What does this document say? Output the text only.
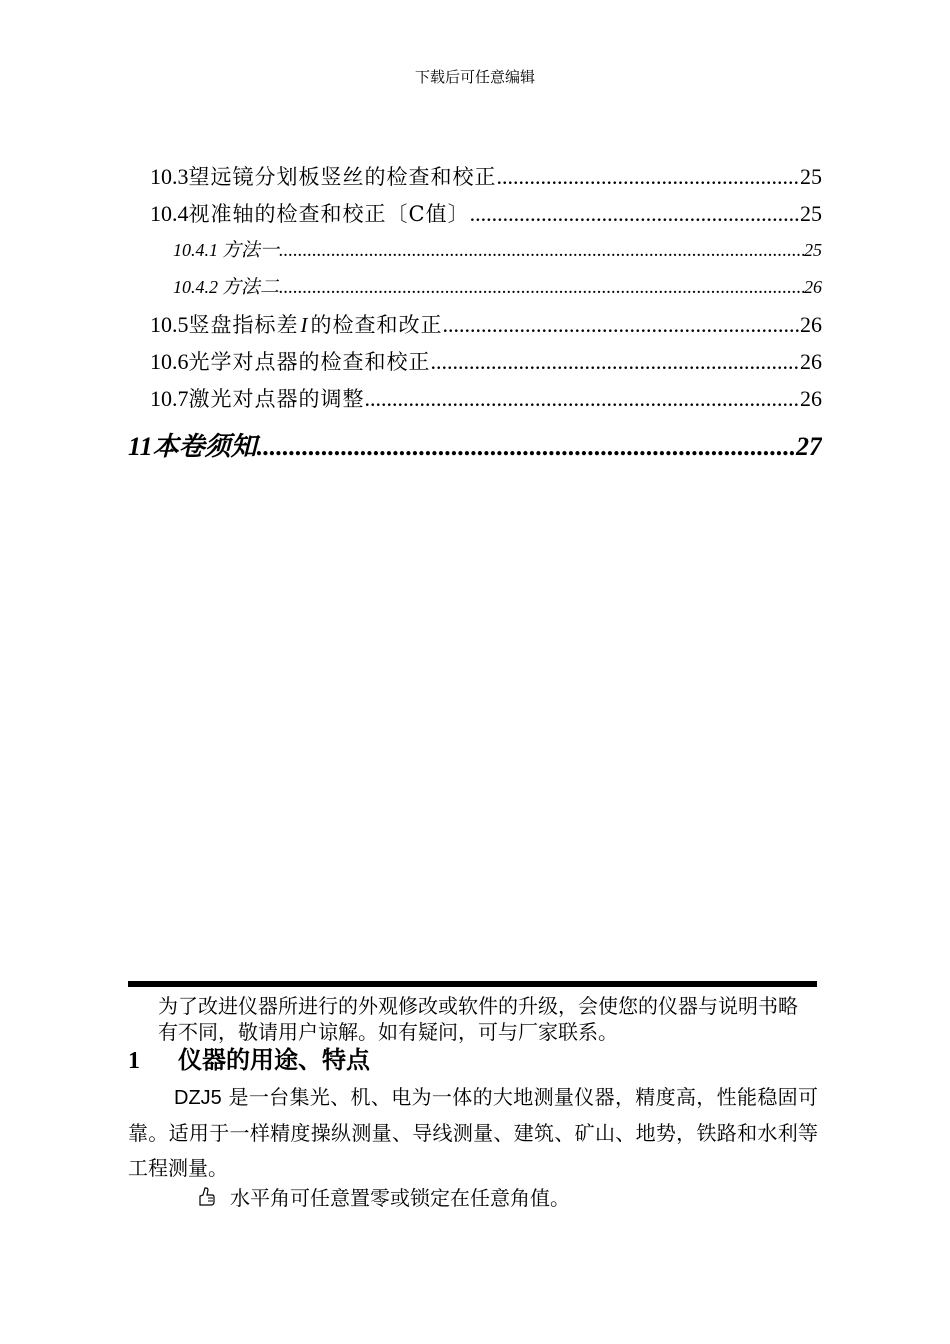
下载后可任意编辑
10.3 望远镜分划板竖丝的检查和校正 .....	25
10.4 视准轴的检查和校正〔C值〕 .....	25
10.4.1 方法一 .....	25
10.4.2 方法二 .....	26
10.5 竖盘指标差I的检查和改正 .....	26
10.6 光学对点器的检查和校正 .....	26
10.7 激光对点器的调整 .....	26
11 本卷须知 .....	27
为了改进仪器所进行的外观修改或软件的升级，会使您的仪器与说明书略有不同，敬请用户谅解。如有疑问，可与厂家联系。
1	仪器的用途、特点
DZJ5 是一台集光、机、电为一体的大地测量仪器，精度高，性能稳固可靠。适用于一样精度操纵测量、导线测量、建筑、矿山、地势，铁路和水利等工程测量。
水平角可任意置零或锁定在任意角值。
